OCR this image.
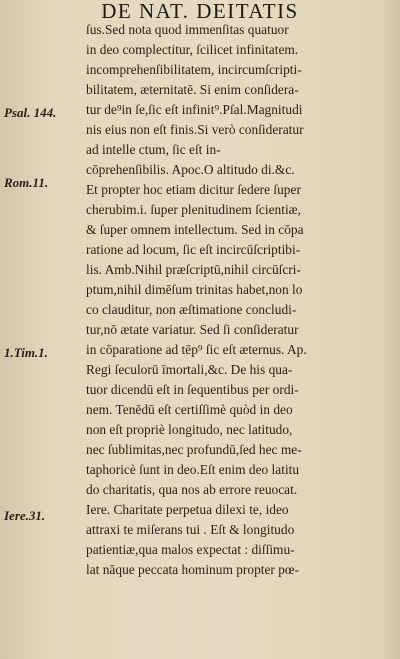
DE NAT. DEITATIS
Psal. 144.
Rom.11.
1.Tim.1.
Iere.31.
ſus.Sed nota quod immenſitas quatuor
in deo complectitur, ſcilicet infinitatem.
incomprehenſibilitatem, incircumſcripti-
bilitatem, æternitatē. Si enim conſidera-
tur de⁹in ſe,ſic eſt infinit⁹.Pſal.Magnitudi
nis eius non eſt finis.Si verò conſideratur
ad intelle ctum, ſic eſt in-
cōprehenſibilis. Apoc.O altitudo di.&c.
Et propter hoc etiam dicitur ſedere ſuper
cherubim.i. ſuper plenitudinem ſcientiæ,
& ſuper omnem intellectum. Sed in cōpa
ratione ad locum, ſic eſt incircūſcriptibi-
lis. Amb.Nihil præſcriptū,nihil circūſcri-
ptum,nihil dimēſum trinitas habet,non lo
co clauditur, non æſtimatione concludi-
tur,nō ætate variatur. Sed ſi conſideratur
in cōparatione ad tēp⁹ ſic eſt æternus. Ap.
Regi ſeculorū īmortali,&c. De his qua-
tuor dicendū eſt in ſequentibus per ordi-
nem. Tenēdū eſt certiſſimè quòd in deo
non eſt propriè longitudo, nec latitudo,
nec ſublimitas,nec profundū,ſed hec me-
taphoricè ſunt in deo.Eſt enim deo latitu
do charitatis, qua nos ab errore reuocat.
Iere. Charitate perpetua dilexi te, ideo
attraxi te miſerans tui . Eſt & longitudo
patientiæ,qua malos expectat : diſſimu-
lat nāque peccata hominum propter pœ-
